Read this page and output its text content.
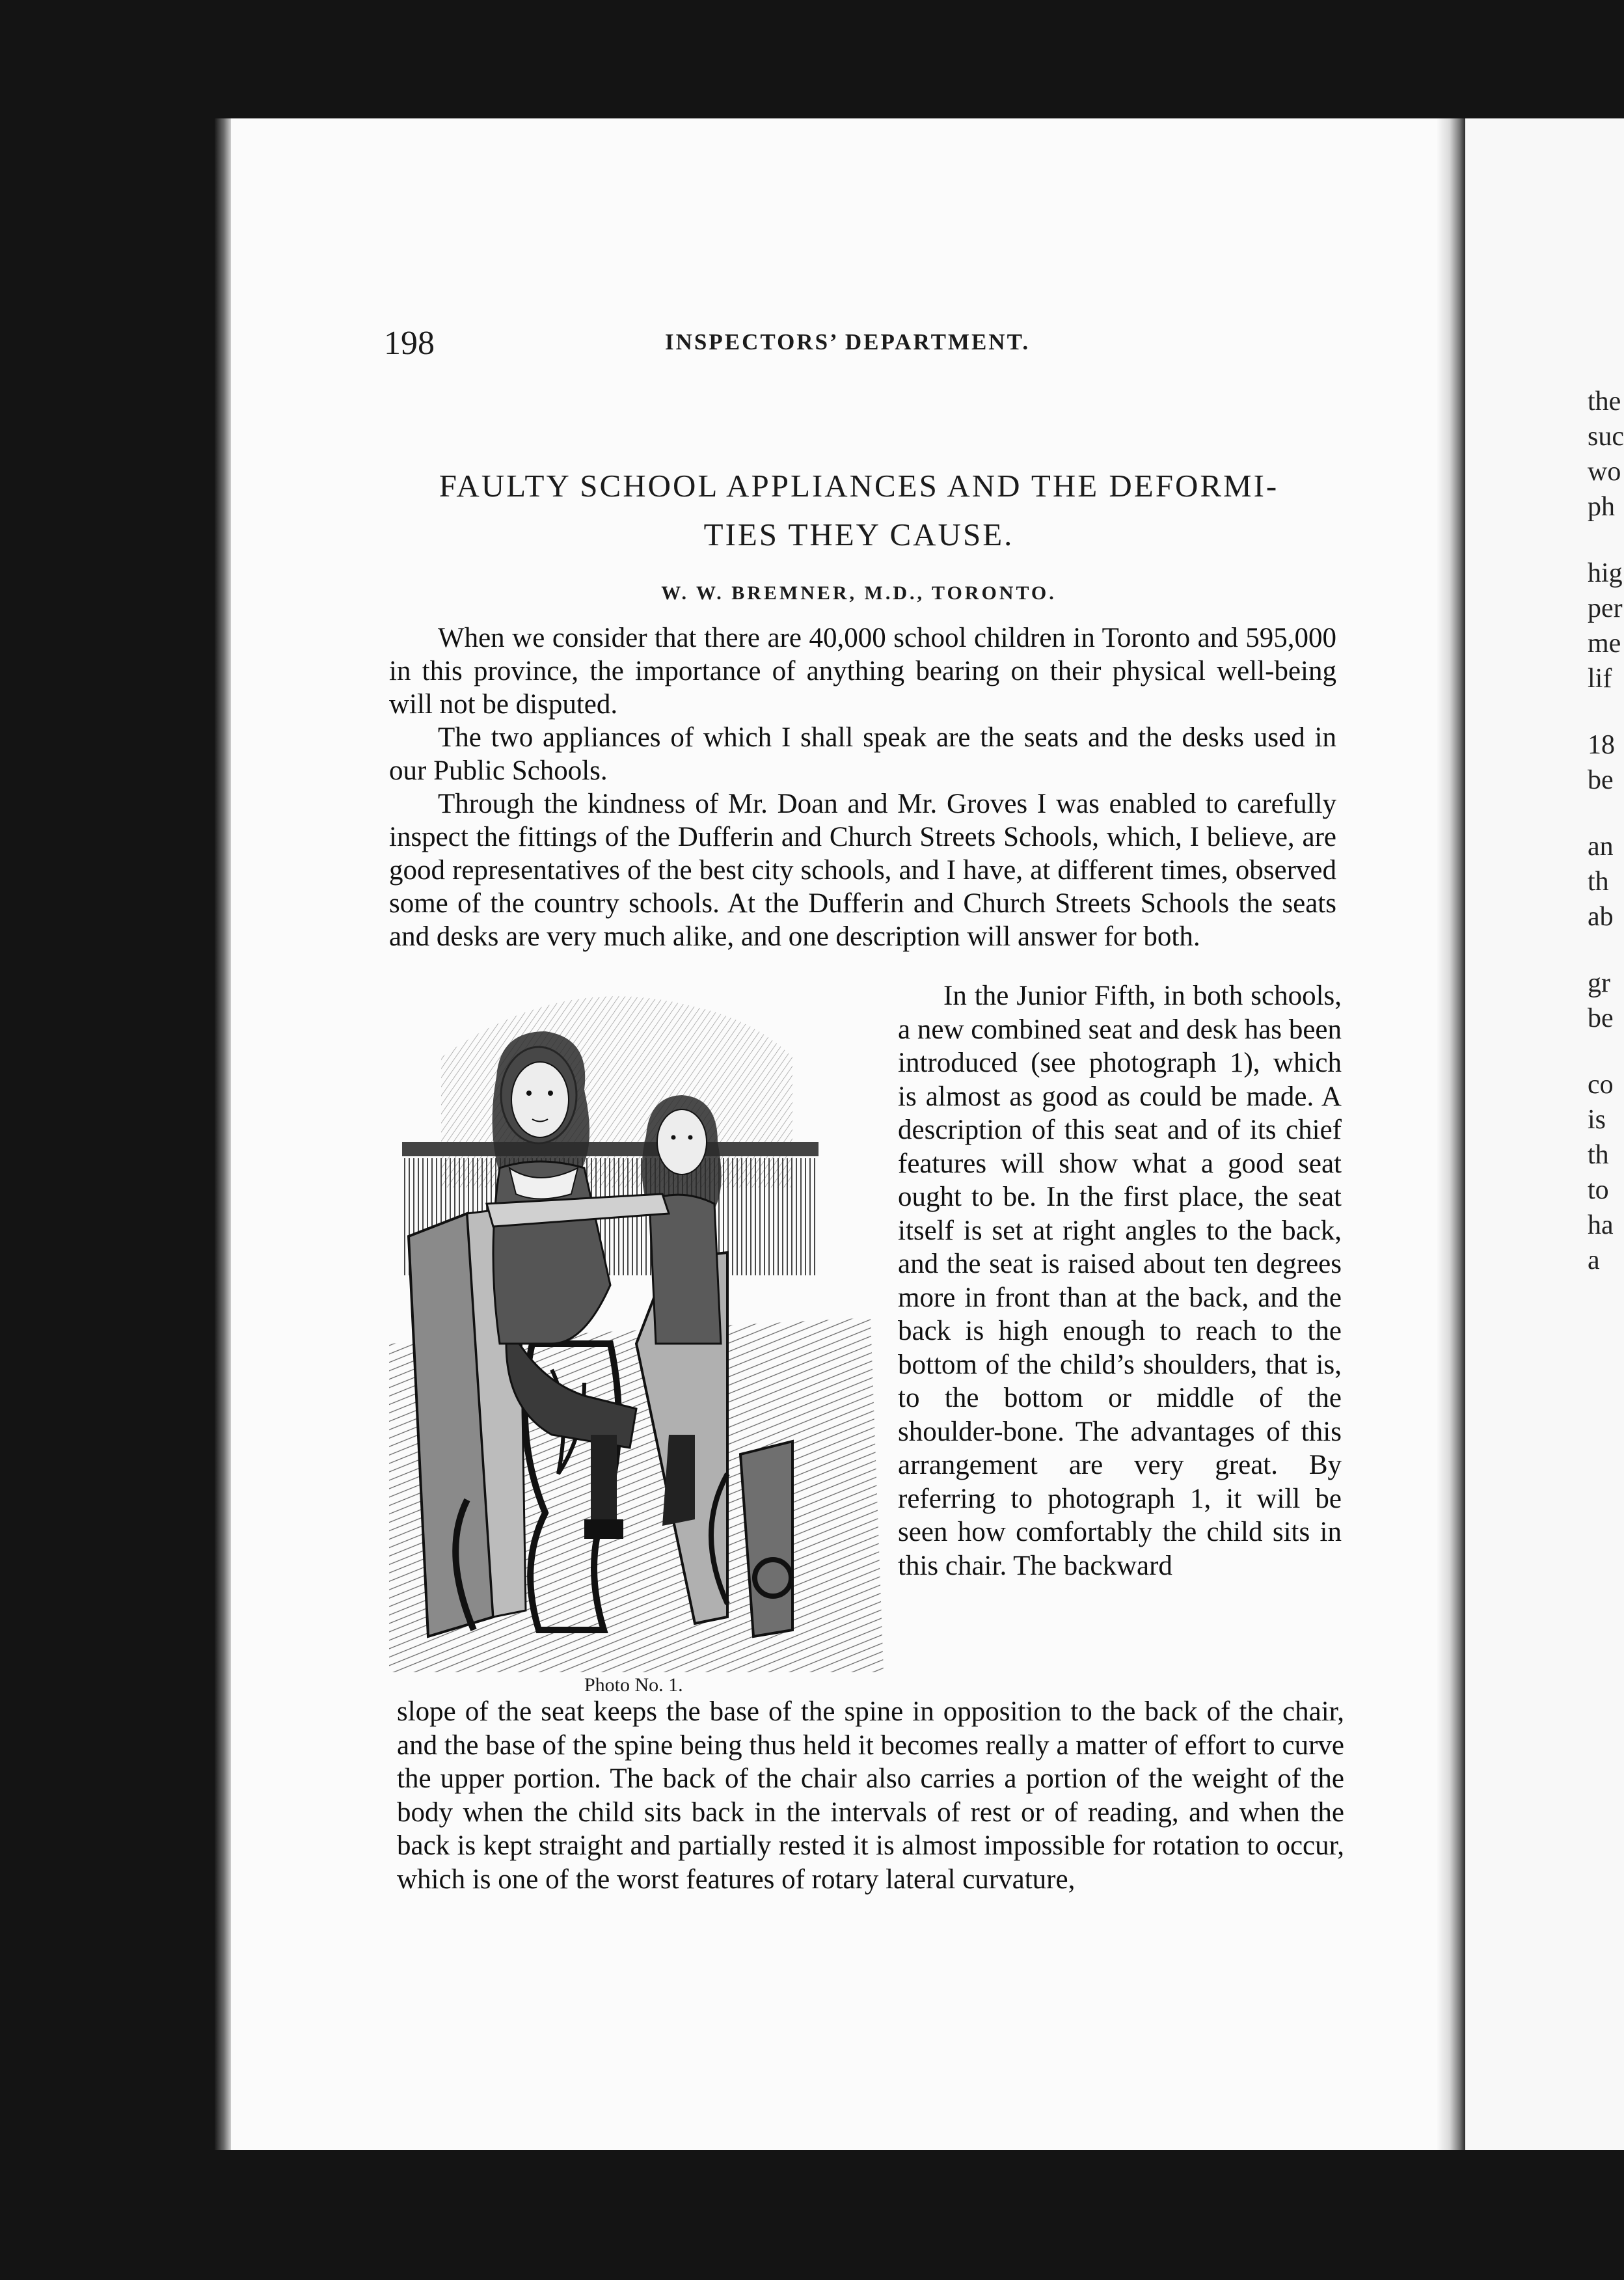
198	INSPECTORS’ DEPARTMENT.
FAULTY SCHOOL APPLIANCES AND THE DEFORMI-
TIES THEY CAUSE.
W. W. BREMNER, M.D., TORONTO.

When we consider that there are 40,000 school children in Toronto and 595,000 in this province, the importance of anything bearing on their physical well-being will not be disputed.

The two appliances of which I shall speak are the seats and the desks used in our Public Schools.

Through the kindness of Mr. Doan and Mr. Groves I was enabled to carefully inspect the fittings of the Dufferin and Church Streets Schools, which, I believe, are good representatives of the best city schools, and I have, at different times, observed some of the country schools. At the Dufferin and Church Streets Schools the seats and desks are very much alike, and one description will answer for both.

Photo No. 1.

In the Junior Fifth, in both schools, a new combined seat and desk has been introduced (see photograph 1), which is almost as good as could be made. A description of this seat and of its chief features will show what a good seat ought to be. In the first place, the seat itself is set at right angles to the back, and the seat is raised about ten degrees more in front than at the back, and the back is high enough to reach to the bottom of the child’s shoulders, that is, to the bottom or middle of the shoulder-bone. The advantages of this arrangement are very great. By referring to photograph 1, it will be seen how comfortably the child sits in this chair. The backward

slope of the seat keeps the base of the spine in opposition to the back of the chair, and the base of the spine being thus held it becomes really a matter of effort to curve the upper portion. The back of the chair also carries a portion of the weight of the body when the child sits back in the intervals of rest or of reading, and when the back is kept straight and partially rested it is almost impossible for rotation to occur, which is one of the worst features of rotary lateral curvature,

the
suc
wo
ph
hig
per
me
lif
18
be
an
th
ab
gr
be
co
is
th
to
ha
a
